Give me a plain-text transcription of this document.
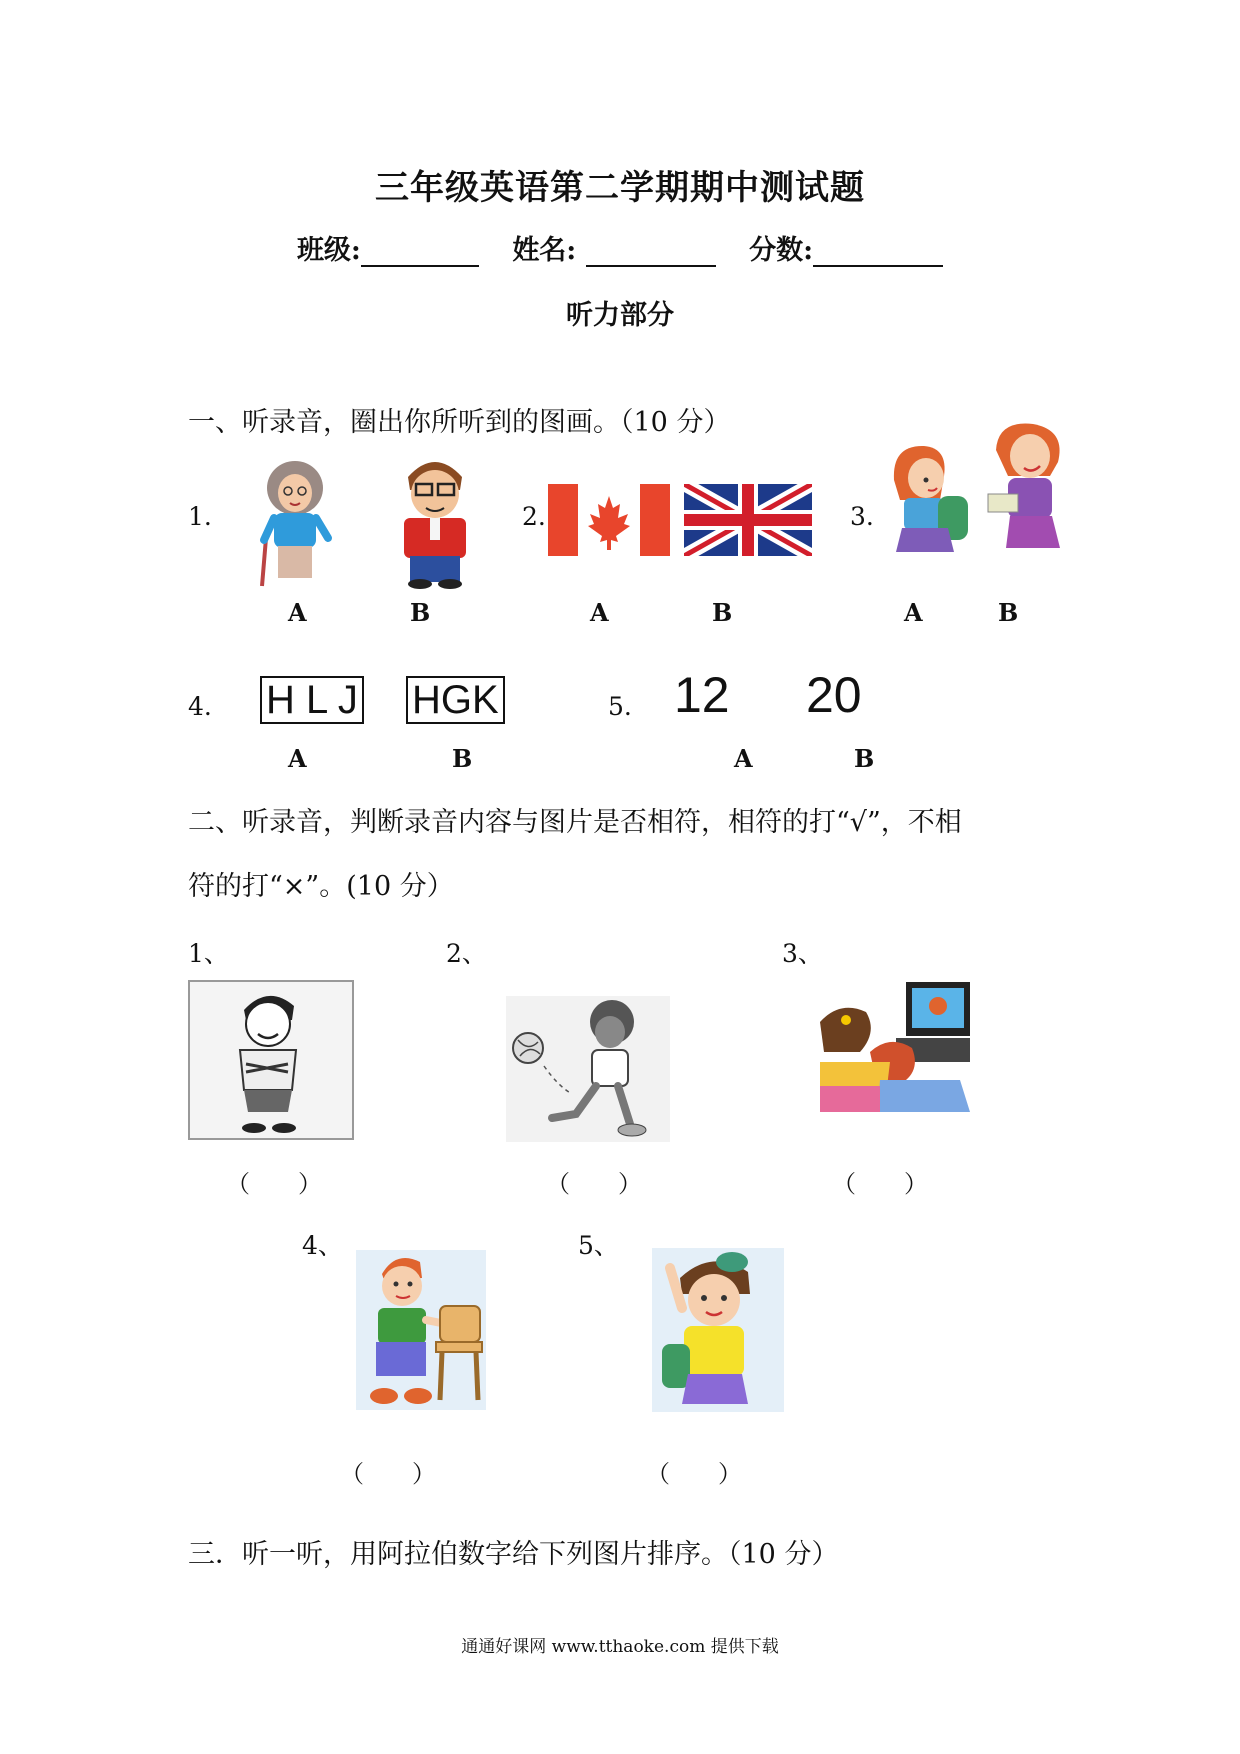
三年级英语第二学期期中测试题
班级:	姓名:	分数:
听力部分
一、听录音，圈出你所听到的图画。（10 分）
1.
A	B
2.
A	B
3.
A	B
4. H L J HGK
A	B
5. 12 20
A	B
二、听录音，判断录音内容与图片是否相符，相符的打“√”，不相
符的打“×”。(10 分）
1、	2、	3、
（　　）	（　　）	（　　）
4、	5、
（　　）	（　　）
三．听一听，用阿拉伯数字给下列图片排序。（10 分）
通通好课网 www.tthaoke.com 提供下载
